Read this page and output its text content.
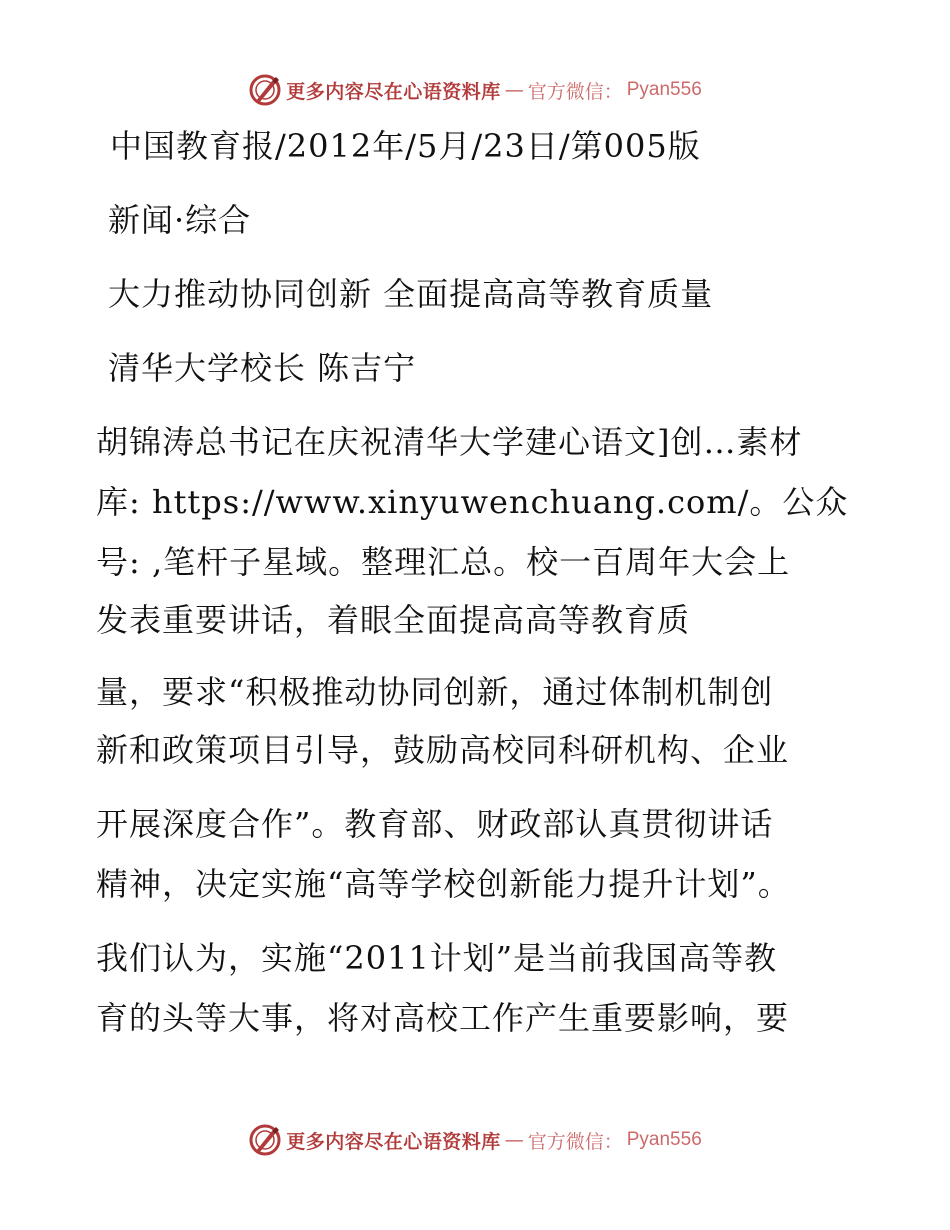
更多内容尽在心语资料库 — 官方微信： Pyan556
中国教育报/2012年/5月/23日/第005版
新闻·综合
大力推动协同创新 全面提高高等教育质量
清华大学校长 陈吉宁
胡锦涛总书记在庆祝清华大学建心语文]创…素材
库: https://www.xinyuwenchuang.com/。公众
号: ,笔杆子星域。整理汇总。校一百周年大会上
发表重要讲话，着眼全面提高高等教育质
量，要求“积极推动协同创新，通过体制机制创
新和政策项目引导，鼓励高校同科研机构、企业
开展深度合作”。教育部、财政部认真贯彻讲话
精神，决定实施“高等学校创新能力提升计划”。
我们认为，实施“2011计划”是当前我国高等教
育的头等大事，将对高校工作产生重要影响，要
更多内容尽在心语资料库 — 官方微信： Pyan556
